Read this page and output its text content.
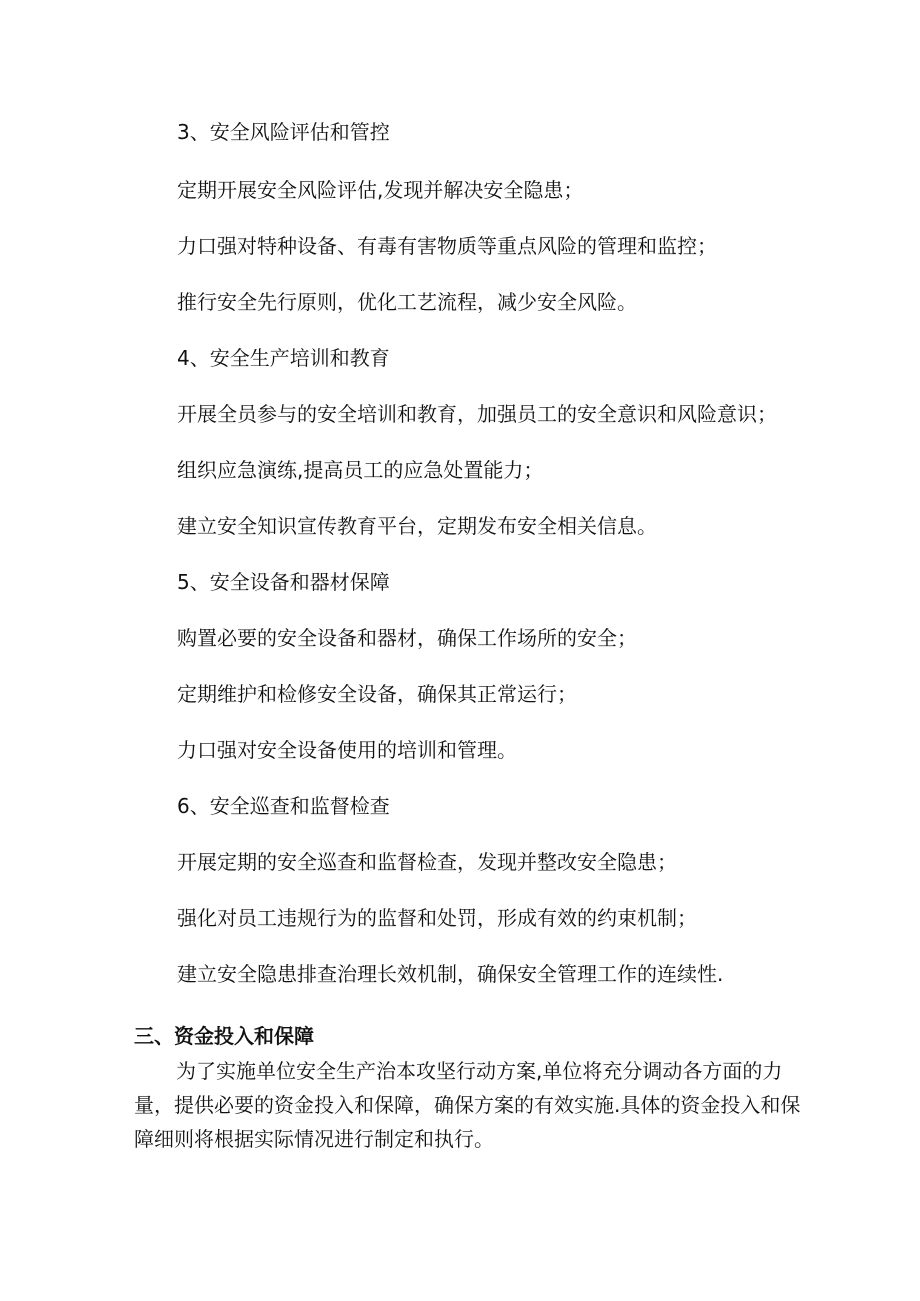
3、安全风险评估和管控
定期开展安全风险评估,发现并解决安全隐患；
力口强对特种设备、有毒有害物质等重点风险的管理和监控；
推行安全先行原则，优化工艺流程，减少安全风险。
4、安全生产培训和教育
开展全员参与的安全培训和教育，加强员工的安全意识和风险意识；
组织应急演练,提高员工的应急处置能力；
建立安全知识宣传教育平台，定期发布安全相关信息。
5、安全设备和器材保障
购置必要的安全设备和器材，确保工作场所的安全；
定期维护和检修安全设备，确保其正常运行；
力口强对安全设备使用的培训和管理。
6、安全巡查和监督检查
开展定期的安全巡查和监督检查，发现并整改安全隐患；
强化对员工违规行为的监督和处罚，形成有效的约束机制；
建立安全隐患排查治理长效机制，确保安全管理工作的连续性.
三、资金投入和保障
为了实施单位安全生产治本攻坚行动方案,单位将充分调动各方面的力量，提供必要的资金投入和保障，确保方案的有效实施.具体的资金投入和保障细则将根据实际情况进行制定和执行。
